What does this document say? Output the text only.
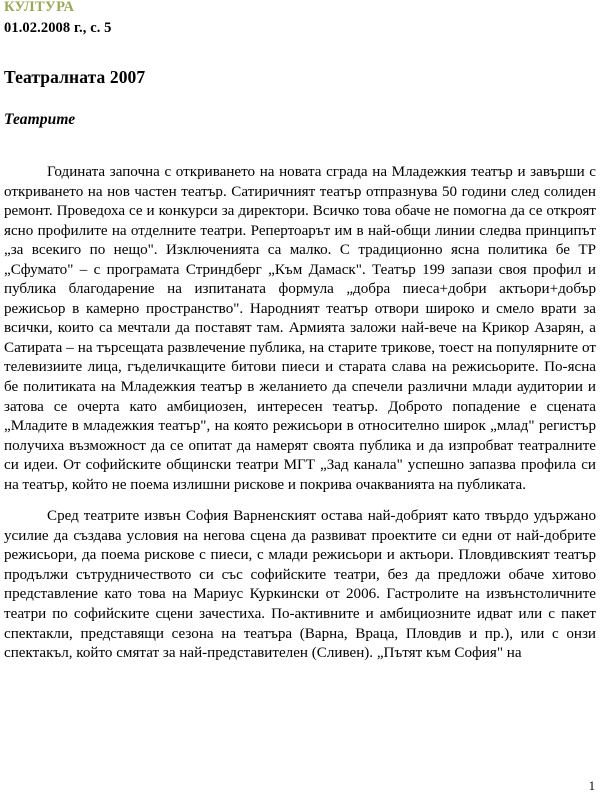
КУЛТУРА
01.02.2008 г., с. 5
Театралната 2007
Театрите

Годината започна с откриването на новата сграда на Младежкия театър и завърши с откриването на нов частен театър. Сатиричният театър отпразнува 50 години след солиден ремонт. Проведоха се и конкурси за директори. Всичко това обаче не помогна да се откроят ясно профилите на отделните театри. Репертоарът им в най-общи линии следва принципът „за всекиго по нещо". Изключенията са малко. С традиционно ясна политика бе ТР „Сфумато" – с програмата Стриндберг „Към Дамаск". Театър 199 запази своя профил и публика благодарение на изпитаната формула „добра пиеса+добри актьори+добър режисьор в камерно пространство". Народният театър отвори широко и смело врати за всички, които са мечтали да поставят там. Армията заложи най-вече на Крикор Азарян, а Сатирата – на търсещата развлечение публика, на старите трикове, тоест на популярните от телевизиите лица, гъделичкащите битови пиеси и старата слава на режисьорите. По-ясна бе политиката на Младежкия театър в желанието да спечели различни млади аудитории и затова се очерта като амбициозен, интересен театър. Доброто попадение е сцената „Младите в младежкия театър", на която режисьори в относително широк „млад" регистър получиха възможност да се опитат да намерят своята публика и да изпробват театралните си идеи. От софийските общински театри МГТ „Зад канала" успешно запазва профила си на театър, който не поема излишни рискове и покрива очакванията на публиката.

Сред театрите извън София Варненският остава най-добрият като твърдо удържано усилие да създава условия на негова сцена да развиват проектите си едни от най-добрите режисьори, да поема рискове с пиеси, с млади режисьори и актьори. Пловдивският театър продължи сътрудничеството си със софийските театри, без да предложи обаче хитово представление като това на Мариус Куркински от 2006. Гастролите на извънстоличните театри по софийските сцени зачестиха. По-активните и амбициозните идват или с пакет спектакли, представящи сезона на театъра (Варна, Враца, Пловдив и пр.), или с онзи спектакъл, който смятат за най-представителен (Сливен). „Пътят към София" на

1
